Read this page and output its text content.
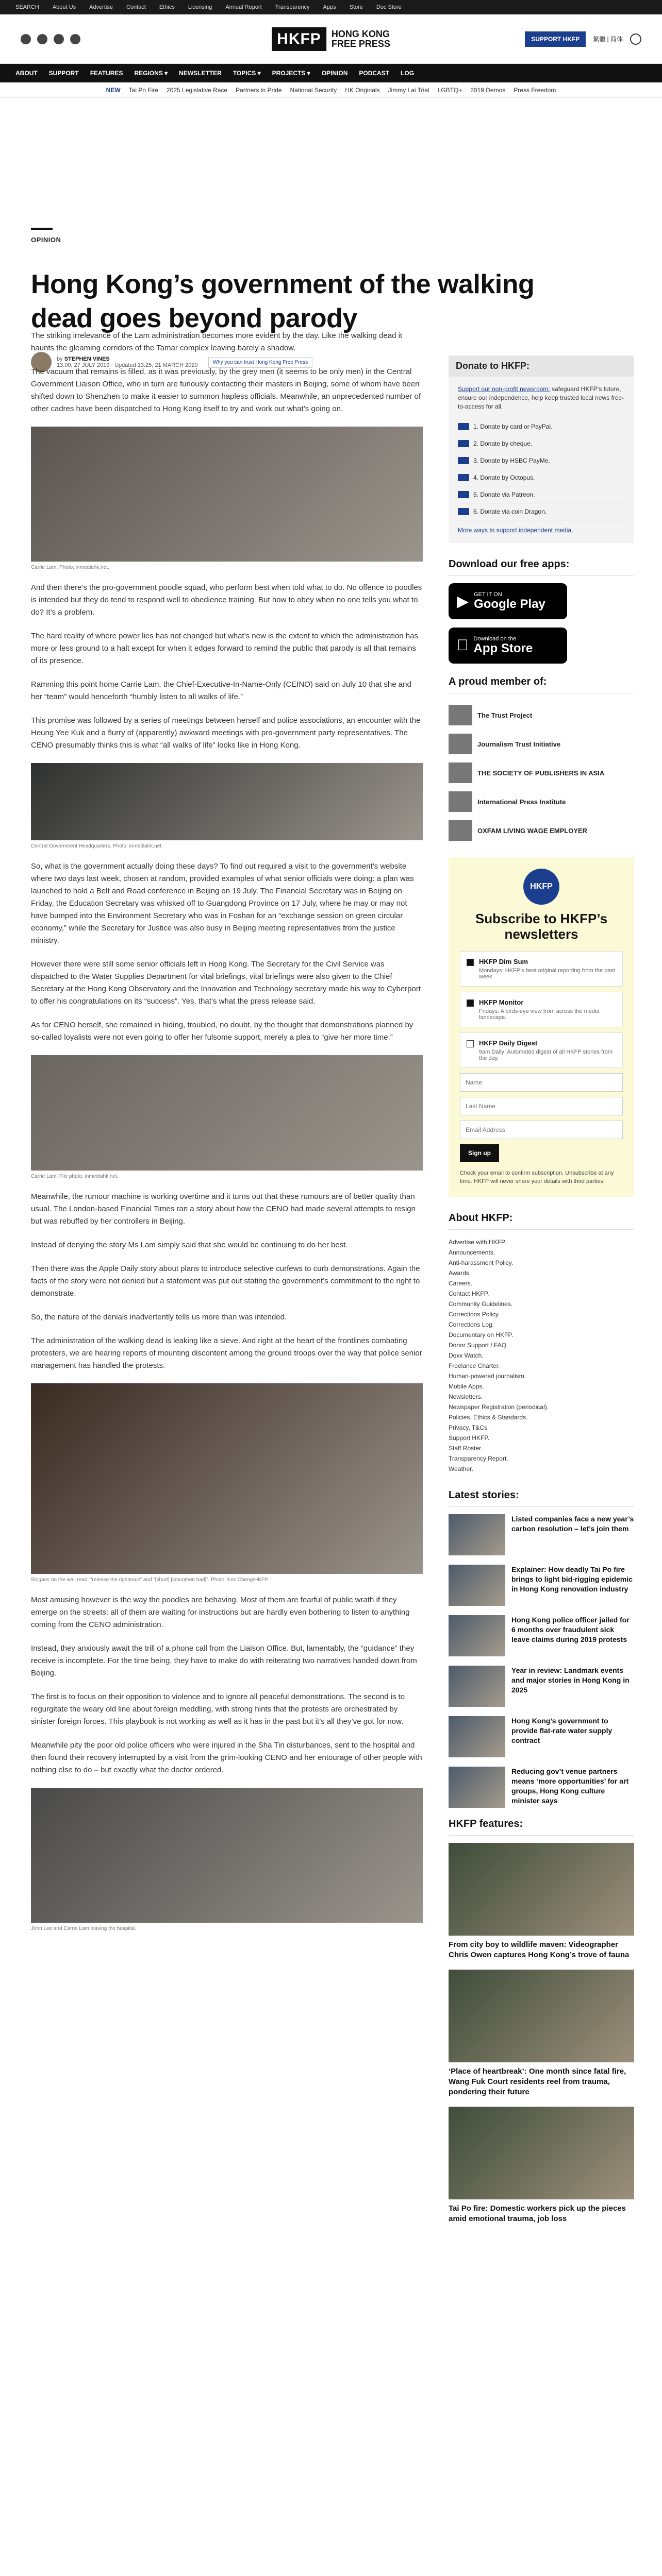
SEARCH About Us Advertise Contact Ethics Licensing Annual Report Transparency Apps Store Doc Store
HKFP	HONG KONG
FREE PRESS	SUPPORT HKFP	繁體 | 简体
ABOUT SUPPORT FEATURES REGIONS ▾ NEWSLETTER TOPICS ▾ PROJECTS ▾ OPINION PODCAST LOG
NEW Tai Po Fire 2025 Legislative Race Partners in Pride National Security HK Originals Jimmy Lai Trial LGBTQ+ 2019 Demos Press Freedom
OPINION
Hong Kong’s government of the walking dead goes beyond parody
by STEPHEN VINES
13:00, 27 JULY 2019 · Updated 13:25, 21 MARCH 2020	Why you can trust Hong Kong Free Press

The striking irrelevance of the Lam administration becomes more evident by the day. Like the walking dead it haunts the gleaming corridors of the Tamar complex leaving barely a shadow.

The vacuum that remains is filled, as it was previously, by the grey men (it seems to be only men) in the Central Government Liaison Office, who in turn are furiously contacting their masters in Beijing, some of whom have been shifted down to Shenzhen to make it easier to summon hapless officials. Meanwhile, an unprecedented number of other cadres have been dispatched to Hong Kong itself to try and work out what’s going on.

Carrie Lam. Photo: inmediahk.net.

And then there’s the pro-government poodle squad, who perform best when told what to do. No offence to poodles is intended but they do tend to respond well to obedience training. But how to obey when no one tells you what to do? It’s a problem.

The hard reality of where power lies has not changed but what’s new is the extent to which the administration has more or less ground to a halt except for when it edges forward to remind the public that parody is all that remains of its presence.

Ramming this point home Carrie Lam, the Chief-Executive-In-Name-Only (CEINO) said on July 10 that she and her “team” would henceforth “humbly listen to all walks of life.”

This promise was followed by a series of meetings between herself and police associations, an encounter with the Heung Yee Kuk and a flurry of (apparently) awkward meetings with pro-government party representatives. The CENO presumably thinks this is what “all walks of life” looks like in Hong Kong.

Central Government Headquarters. Photo: inmediahk.net.

So, what is the government actually doing these days? To find out required a visit to the government’s website where two days last week, chosen at random, provided examples of what senior officials were doing: a plan was launched to hold a Belt and Road conference in Beijing on 19 July. The Financial Secretary was in Beijing on Friday, the Education Secretary was whisked off to Guangdong Province on 17 July, where he may or may not have bumped into the Environment Secretary who was in Foshan for an “exchange session on green circular economy,” while the Secretary for Justice was also busy in Beijing meeting representatives from the justice ministry.

However there were still some senior officials left in Hong Kong. The Secretary for the Civil Service was dispatched to the Water Supplies Department for vital briefings, vital briefings were also given to the Chief Secretary at the Hong Kong Observatory and the Innovation and Technology secretary made his way to Cyberport to offer his congratulations on its “success”. Yes, that’s what the press release said.

As for CENO herself, she remained in hiding, troubled, no doubt, by the thought that demonstrations planned by so-called loyalists were not even going to offer her fulsome support, merely a plea to “give her more time.”

Carrie Lam. File photo: inmediahk.net.

Meanwhile, the rumour machine is working overtime and it turns out that these rumours are of better quality than usual. The London-based Financial Times ran a story about how the CENO had made several attempts to resign but was rebuffed by her controllers in Beijing.

Instead of denying the story Ms Lam simply said that she would be continuing to do her best.

Then there was the Apple Daily story about plans to introduce selective curfews to curb demonstrations. Again the facts of the story were not denied but a statement was put out stating the government’s commitment to the right to demonstrate.

So, the nature of the denials inadvertently tells us more than was intended.

The administration of the walking dead is leaking like a sieve. And right at the heart of the frontlines combating protesters, we are hearing reports of mounting discontent among the ground troops over the way that police senior management has handled the protests.

Slogans on the wall read: “release the righteous” and “[short] [smoothen bad]”. Photo: Kris Cheng/HKFP.

Most amusing however is the way the poodles are behaving. Most of them are fearful of public wrath if they emerge on the streets: all of them are waiting for instructions but are hardly even bothering to listen to anything coming from the CENO administration.

Instead, they anxiously await the trill of a phone call from the Liaison Office. But, lamentably, the “guidance” they receive is incomplete. For the time being, they have to make do with reiterating two narratives handed down from Beijing.

The first is to focus on their opposition to violence and to ignore all peaceful demonstrations. The second is to regurgitate the weary old line about foreign meddling, with strong hints that the protests are orchestrated by sinister foreign forces. This playbook is not working as well as it has in the past but it’s all they’ve got for now.

Meanwhile pity the poor old police officers who were injured in the Sha Tin disturbances, sent to the hospital and then found their recovery interrupted by a visit from the grim-looking CENO and her entourage of other people with nothing else to do – but exactly what the doctor ordered.

John Lee and Carrie Lam leaving the hospital.
Donate to HKFP:
Support our non-profit newsroom: safeguard HKFP’s future, ensure our independence, help keep trusted local news free-to-access for all.
1. Donate by card or PayPal.
2. Donate by cheque.
3. Donate by HSBC PayMe.
4. Donate by Octopus.
5. Donate via Patreon.
6. Donate via coin Dragon.
More ways to support independent media.
Download our free apps:
▶ GET IT ON
Google Play
Download on the
App Store
A proud member of:
The Trust Project
Journalism Trust Initiative
THE SOCIETY OF PUBLISHERS IN ASIA
International Press Institute
OXFAM LIVING WAGE EMPLOYER
HKFP
Subscribe to HKFP’s newsletters
HKFP Dim Sum
Mondays: HKFP’s best original reporting from the past week.
HKFP Monitor
Fridays: A birds-eye view from across the media landscape.
HKFP Daily Digest
9am Daily: Automated digest of all HKFP stories from the day.
Name Last Name Email Address
Sign up
Check your email to confirm subscription. Unsubscribe at any time. HKFP will never share your details with third parties.
About HKFP:
Advertise with HKFP.
Announcements.
Anti-harassment Policy.
Awards.
Careers.
Contact HKFP.
Community Guidelines.
Corrections Policy.
Corrections Log.
Documentary on HKFP.
Donor Support / FAQ.
Doxx Watch.
Freelance Charter.
Human-powered journalism.
Mobile Apps.
Newsletters.
Newspaper Registration (periodical).
Policies, Ethics & Standards.
Privacy, T&Cs.
Support HKFP.
Staff Roster.
Transparency Report.
Weather.
Latest stories:
Listed companies face a new year’s carbon resolution – let’s join them
Explainer: How deadly Tai Po fire brings to light bid-rigging epidemic in Hong Kong renovation industry
Hong Kong police officer jailed for 6 months over fraudulent sick leave claims during 2019 protests
Year in review: Landmark events and major stories in Hong Kong in 2025
Hong Kong’s government to provide flat-rate water supply contract
Reducing gov’t venue partners means ‘more opportunities’ for art groups, Hong Kong culture minister says
HKFP features:
From city boy to wildlife maven: Videographer Chris Owen captures Hong Kong’s trove of fauna
‘Place of heartbreak’: One month since fatal fire, Wang Fuk Court residents reel from trauma, pondering their future
Tai Po fire: Domestic workers pick up the pieces amid emotional trauma, job loss
